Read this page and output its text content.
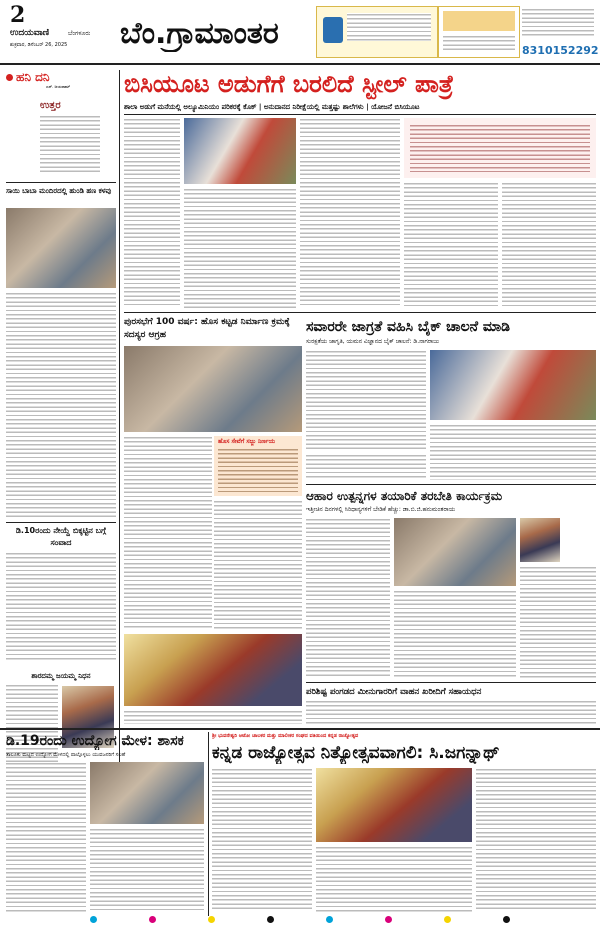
2
ಉದಯವಾಣಿ	ಬೆಂಗಳೂರು
ಶುಕ್ರವಾರ, ಡಿಸೆಂಬರ್ 26, 2025 ಬೆಂ.ಗ್ರಾಮಾಂತರ	8310152292
ಹನಿ ದನಿ
ಎಸ್. ಜಯರಾಮ್
ಉತ್ತರ
ಸಾಯಿ ಬಾಬಾ ಮಂದಿರದಲ್ಲಿ ಹುಂಡಿ ಹಣ ಕಳವು
ಡಿ.10ರಂದು ನೇಯ್ದೆ ಬಿಕ್ಕಟ್ಟಿನ ಬಗ್ಗೆ ಸಂವಾದ
ಶಾರದಮ್ಮ ಜಯಮ್ಮ ನಿಧನ
ಬಿಸಿಯೂಟ ಅಡುಗೆಗೆ ಬರಲಿದೆ ಸ್ಟೀಲ್ ಪಾತ್ರೆ
ಶಾಲಾ ಅಡುಗೆ ಮನೆಯಲ್ಲಿ ಅಲ್ಯೂಮಿನಿಯಂ ಪರಿಕರಕ್ಕೆ ಕೊಕ್ | ಅನುದಾನದ ನಿರೀಕ್ಷೆಯಲ್ಲಿ ಮತ್ತಷ್ಟು ಶಾಲೆಗಳು | ಯೋಜನೆ ಬಿಸಿಯೂಟ
ಪುರಸಭೆಗೆ 100 ವರ್ಷ: ಹೊಸ ಕಟ್ಟಡ ನಿರ್ಮಾಣ ಕ್ರಮಕ್ಕೆ ಸದಸ್ಯರ ಆಗ್ರಹ
ಹೊಸ ಸೇವೆಗೆ ಸಜ್ಜು ನಿರ್ಣಯ
ಸವಾರರೇ ಜಾಗ್ರತೆ ವಹಿಸಿ ಬೈಕ್ ಚಾಲನೆ ಮಾಡಿ
ಸುರಕ್ಷತೆಯ ಜಾಗೃತಿ, ಯಮನ ವಿಜ್ಞಾನದ ಬೈಕ್ ಚಾಲನೆ: ಡಿ.ನಾಗರಾಜು
ಆಹಾರ ಉತ್ಪನ್ನಗಳ ತಯಾರಿಕೆ ತರಬೇತಿ ಕಾರ್ಯಕ್ರಮ
ಇತ್ತೀಚಿನ ದಿನಗಳಲ್ಲಿ ಸಿರಿಧಾನ್ಯಗಳಿಗೆ ಬೇಡಿಕೆ ಹೆಚ್ಚು: ಡಾ.ಬಿ.ಜಿ.ಹನುಮಂತರಾಯ
ಪರಿಶಿಷ್ಟ ಪಂಗಡದ ಮೀನುಗಾರರಿಗೆ ವಾಹನ ಖರೀದಿಗೆ ಸಹಾಯಧನ
ಡಿ.19ರಂದು ಉದ್ಯೋಗ ಮೇಳ: ಶಾಸಕ
ತಾಲೂಕು ಮಟ್ಟದ ಉದ್ಯೋಗ ಮೇಳದಲ್ಲಿ ಪಾಲ್ಗೊಳ್ಳಲು ಯುವಜನರಿಗೆ ಸಲಹೆ
ಶ್ರೀ ಭುವನೇಶ್ವರಿ ಆಟೋ ಚಾಲಕರ ಮತ್ತು ಮಾಲೀಕರ ಸಂಘದ ವತಿಯಿಂದ ಕನ್ನಡ ರಾಜ್ಯೋತ್ಸವ
ಕನ್ನಡ ರಾಜ್ಯೋತ್ಸವ ನಿತ್ಯೋತ್ಸವವಾಗಲಿ: ಸಿ.ಜಗನ್ನಾಥ್
